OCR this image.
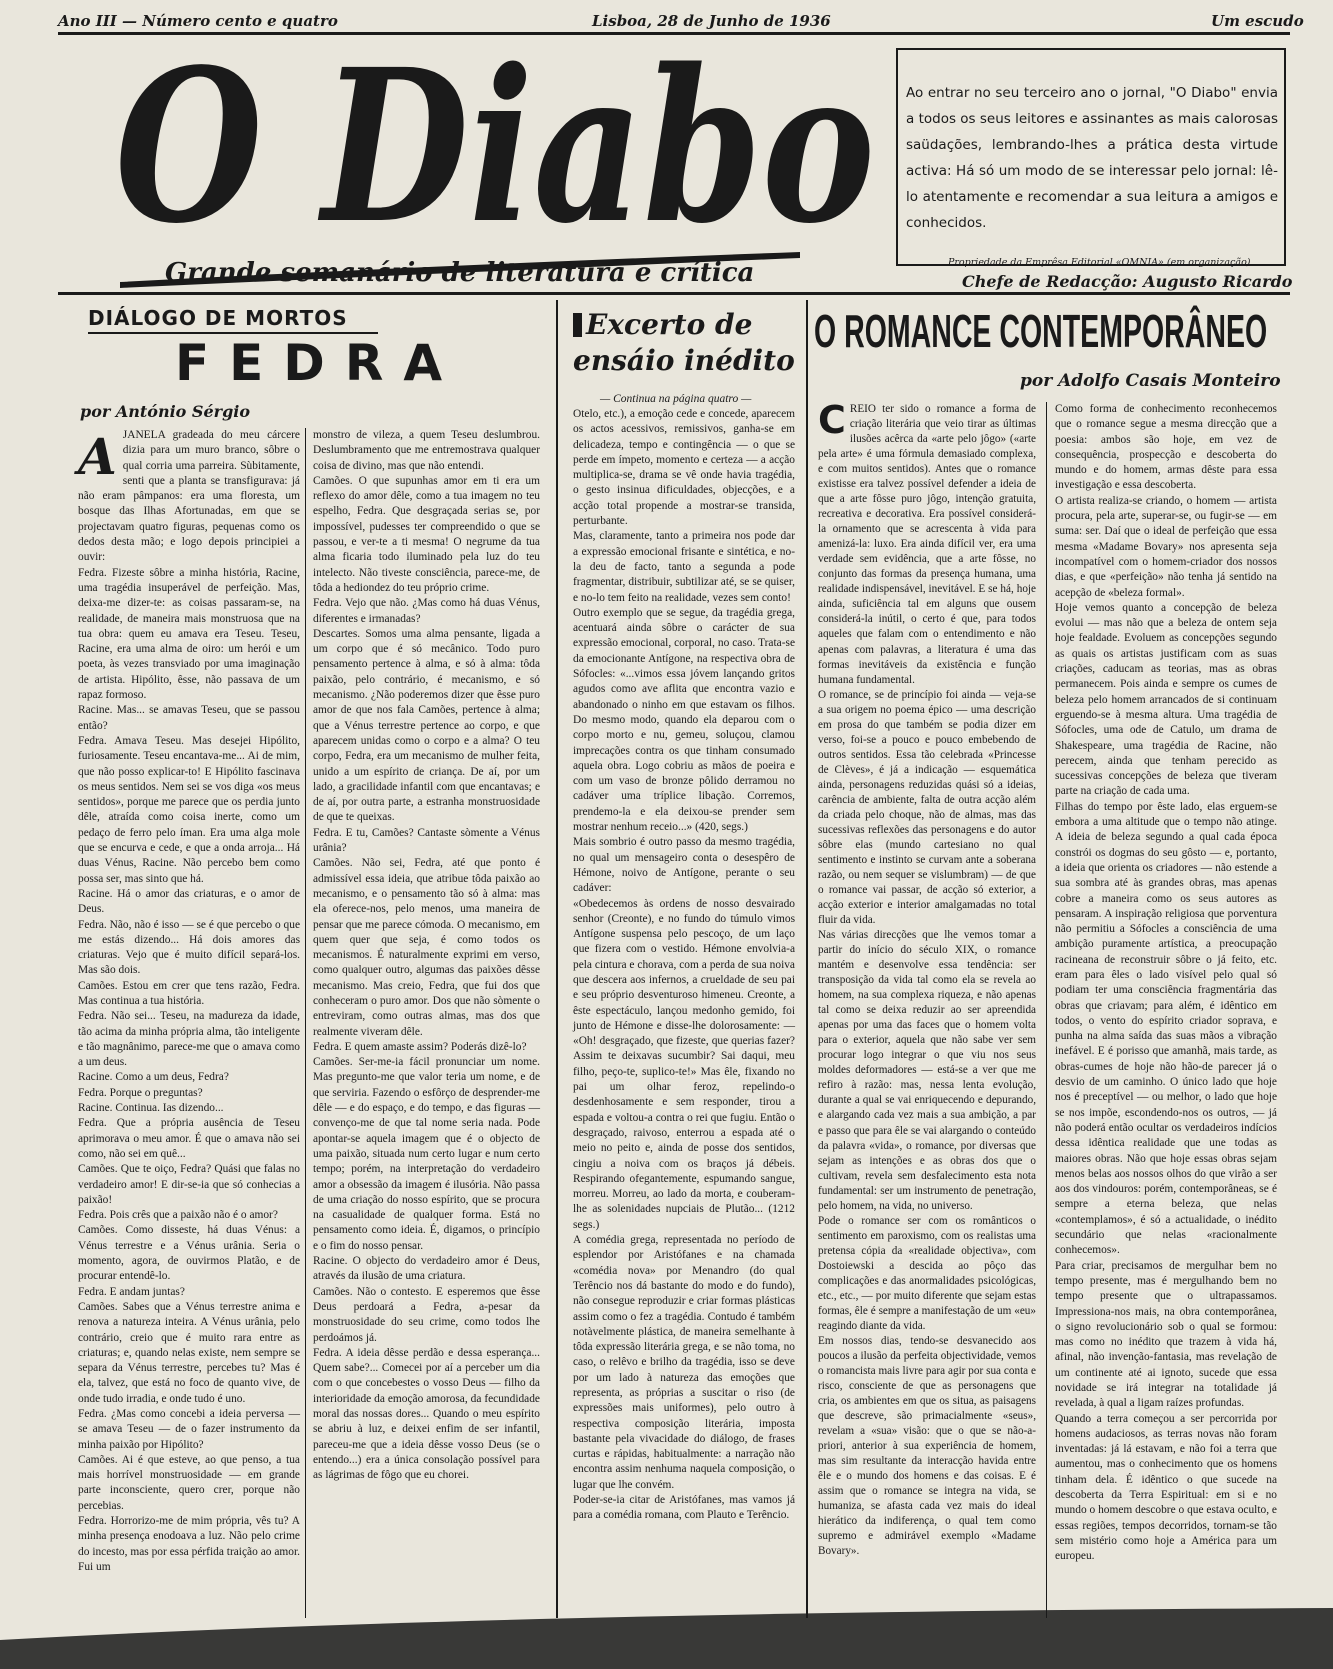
Ano III — Número cento e quatro	Lisboa, 28 de Junho de 1936	Um escudo
O Diabo
Grande semanário de literatura e crítica
Ao entrar no seu terceiro ano o jornal, "O Diabo" envia a todos os seus leitores e assinantes as mais calorosas saüdações, lembrando-lhes a prática desta virtude activa: Há só um modo de se interessar pelo jornal: lê-lo atentamente e recomendar a sua leitura a amigos e conhecidos.
Propriedade da Emprêsa Editorial «OMNIA» (em organização)
Chefe de Redacção: Augusto Ricardo
DIÁLOGO DE MORTOS
FEDRA
por António Sérgio
A JANELA gradeada do meu cárcere dizia para um muro branco, sôbre o qual corria uma parreira. Sùbitamente, senti que a planta se transfigurava: já não eram pâmpanos: era uma floresta, um bosque das Ilhas Afortunadas, em que se projectavam quatro figuras, pequenas como os dedos desta mão; e logo depois principiei a ouvir:

Fedra. Fizeste sôbre a minha história, Racine, uma tragédia insuperável de perfeição. Mas, deixa-me dizer-te: as coisas passaram-se, na realidade, de maneira mais monstruosa que na tua obra: quem eu amava era Teseu. Teseu, Racine, era uma alma de oiro: um herói e um poeta, às vezes transviado por uma imaginação de artista. Hipólito, êsse, não passava de um rapaz formoso.

Racine. Mas... se amavas Teseu, que se passou então?

Fedra. Amava Teseu. Mas desejei Hipólito, furiosamente. Teseu encantava-me... Ai de mim, que não posso explicar-to! E Hipólito fascinava os meus sentidos. Nem sei se vos diga «os meus sentidos», porque me parece que os perdia junto dêle, atraída como coisa inerte, como um pedaço de ferro pelo íman. Era uma alga mole que se encurva e cede, e que a onda arroja... Há duas Vénus, Racine. Não percebo bem como possa ser, mas sinto que há.

Racine. Há o amor das criaturas, e o amor de Deus.

Fedra. Não, não é isso — se é que percebo o que me estás dizendo... Há dois amores das criaturas. Vejo que é muito difícil separá-los. Mas são dois.

Camões. Estou em crer que tens razão, Fedra. Mas continua a tua história.

Fedra. Não sei... Teseu, na madureza da idade, tão acima da minha própria alma, tão inteligente e tão magnânimo, parece-me que o amava como a um deus.

Racine. Como a um deus, Fedra?

Fedra. Porque o preguntas?

Racine. Continua. Ias dizendo...

Fedra. Que a própria ausência de Teseu aprimorava o meu amor. É que o amava não sei como, não sei em quê...

Camões. Que te oiço, Fedra? Quási que falas no verdadeiro amor! E dir-se-ia que só conhecias a paixão!

Fedra. Pois crês que a paixão não é o amor?

Camões. Como disseste, há duas Vénus: a Vénus terrestre e a Vénus urânia. Seria o momento, agora, de ouvirmos Platão, e de procurar entendê-lo.

Fedra. E andam juntas?

Camões. Sabes que a Vénus terrestre anima e renova a natureza inteira. A Vénus urânia, pelo contrário, creio que é muito rara entre as criaturas; e, quando nelas existe, nem sempre se separa da Vénus terrestre, percebes tu? Mas é ela, talvez, que está no foco de quanto vive, de onde tudo irradia, e onde tudo é uno.

Fedra. ¿Mas como concebi a ideia perversa — se amava Teseu — de o fazer instrumento da minha paixão por Hipólito?

Camões. Ai é que esteve, ao que penso, a tua mais horrível monstruosidade — em grande parte inconsciente, quero crer, porque não percebias.

Fedra. Horrorizo-me de mim própria, vês tu? A minha presença enodoava a luz. Não pelo crime do incesto, mas por essa pérfida traição ao amor. Fui um

monstro de vileza, a quem Teseu deslumbrou. Deslumbramento que me entremostrava qualquer coisa de divino, mas que não entendi.

Camões. O que supunhas amor em ti era um reflexo do amor dêle, como a tua imagem no teu espelho, Fedra. Que desgraçada serias se, por impossível, pudesses ter compreendido o que se passou, e ver-te a ti mesma! O negrume da tua alma ficaria todo iluminado pela luz do teu intelecto. Não tiveste consciência, parece-me, de tôda a hediondez do teu próprio crime.

Fedra. Vejo que não. ¿Mas como há duas Vénus, diferentes e irmanadas?

Descartes. Somos uma alma pensante, ligada a um corpo que é só mecânico. Todo puro pensamento pertence à alma, e só à alma: tôda paixão, pelo contrário, é mecanismo, e só mecanismo. ¿Não poderemos dizer que êsse puro amor de que nos fala Camões, pertence à alma; que a Vénus terrestre pertence ao corpo, e que aparecem unidas como o corpo e a alma? O teu corpo, Fedra, era um mecanismo de mulher feita, unido a um espírito de criança. De aí, por um lado, a gracilidade infantil com que encantavas; e de aí, por outra parte, a estranha monstruosidade de que te queixas.

Fedra. E tu, Camões? Cantaste sòmente a Vénus urânia?

Camões. Não sei, Fedra, até que ponto é admissível essa ideia, que atribue tôda paixão ao mecanismo, e o pensamento tão só à alma: mas ela oferece-nos, pelo menos, uma maneira de pensar que me parece cómoda. O mecanismo, em quem quer que seja, é como todos os mecanismos. É naturalmente exprimi em verso, como qualquer outro, algumas das paixões dêsse mecanismo. Mas creio, Fedra, que fui dos que conheceram o puro amor. Dos que não sòmente o entreviram, como outras almas, mas dos que realmente viveram dêle.

Fedra. E quem amaste assim? Poderás dizê-lo?

Camões. Ser-me-ia fácil pronunciar um nome. Mas pregunto-me que valor teria um nome, e de que serviria. Fazendo o esfôrço de desprender-me dêle — e do espaço, e do tempo, e das figuras — convenço-me de que tal nome seria nada. Pode apontar-se aquela imagem que é o objecto de uma paixão, situada num certo lugar e num certo tempo; porém, na interpretação do verdadeiro amor a obsessão da imagem é ilusória. Não passa de uma criação do nosso espírito, que se procura na casualidade de qualquer forma. Está no pensamento como ideia. É, digamos, o princípio e o fim do nosso pensar.

Racine. O objecto do verdadeiro amor é Deus, através da ilusão de uma criatura.

Camões. Não o contesto. E esperemos que êsse Deus perdoará a Fedra, a-pesar da monstruosidade do seu crime, como todos lhe perdoámos já.

Fedra. A ideia dêsse perdão e dessa esperança... Quem sabe?... Comecei por aí a perceber um dia com o que concebestes o vosso Deus — filho da interioridade da emoção amorosa, da fecundidade moral das nossas dores... Quando o meu espírito se abriu à luz, e deixei enfim de ser infantil, pareceu-me que a ideia dêsse vosso Deus (se o entendo...) era a única consolação possível para as lágrimas de fôgo que eu chorei.

Excerto de ensáio inédito
— Continua na página quatro —

Otelo, etc.), a emoção cede e concede, aparecem os actos acessivos, remissivos, ganha-se em delicadeza, tempo e contingência — o que se perde em ímpeto, momento e certeza — a acção multiplica-se, drama se vê onde havia tragédia, o gesto insinua dificuldades, objecções, e a acção total propende a mostrar-se transida, perturbante.

Mas, claramente, tanto a primeira nos pode dar a expressão emocional frisante e sintética, e no-la deu de facto, tanto a segunda a pode fragmentar, distribuir, subtilizar até, se se quiser, e no-lo tem feito na realidade, vezes sem conto!

Outro exemplo que se segue, da tragédia grega, acentuará ainda sôbre o carácter de sua expressão emocional, corporal, no caso. Trata-se da emocionante Antígone, na respectiva obra de Sófocles: «...vimos essa jóvem lançando gritos agudos como ave aflita que encontra vazio e abandonado o ninho em que estavam os filhos. Do mesmo modo, quando ela deparou com o corpo morto e nu, gemeu, soluçou, clamou imprecações contra os que tinham consumado aquela obra. Logo cobriu as mãos de poeira e com um vaso de bronze pôlido derramou no cadáver uma tríplice libação. Corremos, prendemo-la e ela deixou-se prender sem mostrar nenhum receio...» (420, segs.)

Mais sombrio é outro passo da mesmo tragédia, no qual um mensageiro conta o desespêro de Hémone, noivo de Antígone, perante o seu cadáver:

«Obedecemos às ordens de nosso desvairado senhor (Creonte), e no fundo do túmulo vimos Antígone suspensa pelo pescoço, de um laço que fizera com o vestido. Hémone envolvia-a pela cintura e chorava, com a perda de sua noiva que descera aos infernos, a crueldade de seu pai e seu próprio desventuroso himeneu. Creonte, a êste espectáculo, lançou medonho gemido, foi junto de Hémone e disse-lhe dolorosamente: — «Oh! desgraçado, que fizeste, que querias fazer? Assim te deixavas sucumbir? Sai daqui, meu filho, peço-te, suplico-te!» Mas êle, fixando no pai um olhar feroz, repelindo-o desdenhosamente e sem responder, tirou a espada e voltou-a contra o rei que fugiu. Então o desgraçado, raivoso, enterrou a espada até o meio no peito e, ainda de posse dos sentidos, cingiu a noiva com os braços já débeis. Respirando ofegantemente, espumando sangue, morreu. Morreu, ao lado da morta, e couberam-lhe as solenidades nupciais de Plutão... (1212 segs.)

A comédia grega, representada no período de esplendor por Aristófanes e na chamada «comédia nova» por Menandro (do qual Terêncio nos dá bastante do modo e do fundo), não consegue reproduzir e criar formas plásticas assim como o fez a tragédia. Contudo é também notàvelmente plástica, de maneira semelhante à tôda expressão literária grega, e se não toma, no caso, o relêvo e brilho da tragédia, isso se deve por um lado à natureza das emoções que representa, as próprias a suscitar o riso (de expressões mais uniformes), pelo outro à respectiva composição literária, imposta bastante pela vivacidade do diálogo, de frases curtas e rápidas, habitualmente: a narração não encontra assim nenhuma naquela composição, o lugar que lhe convém.

Poder-se-ia citar de Aristófanes, mas vamos já para a comédia romana, com Plauto e Terêncio.

O ROMANCE CONTEMPORÂNEO
por Adolfo Casais Monteiro
C REIO ter sido o romance a forma de criação literária que veio tirar as últimas ilusões acêrca da «arte pelo jôgo» («arte pela arte» é uma fórmula demasiado complexa, e com muitos sentidos). Antes que o romance existisse era talvez possível defender a ideia de que a arte fôsse puro jôgo, intenção gratuita, recreativa e decorativa. Era possível considerá-la ornamento que se acrescenta à vida para amenizá-la: luxo. Era ainda difícil ver, era uma verdade sem evidência, que a arte fôsse, no conjunto das formas da presença humana, uma realidade indispensável, inevitável. E se há, hoje ainda, suficiência tal em alguns que ousem considerá-la inútil, o certo é que, para todos aqueles que falam com o entendimento e não apenas com palavras, a literatura é uma das formas inevitáveis da existência e função humana fundamental.

O romance, se de princípio foi ainda — veja-se a sua origem no poema épico — uma descrição em prosa do que também se podia dizer em verso, foi-se a pouco e pouco embebendo de outros sentidos. Essa tão celebrada «Princesse de Clèves», é já a indicação — esquemática ainda, personagens reduzidas quási só a ideias, carência de ambiente, falta de outra acção além da criada pelo choque, não de almas, mas das sucessivas reflexões das personagens e do autor sôbre elas (mundo cartesiano no qual sentimento e instinto se curvam ante a soberana razão, ou nem sequer se vislumbram) — de que o romance vai passar, de acção só exterior, a acção exterior e interior amalgamadas no total fluir da vida.

Nas várias direcções que lhe vemos tomar a partir do início do século XIX, o romance mantém e desenvolve essa tendência: ser transposição da vida tal como ela se revela ao homem, na sua complexa riqueza, e não apenas tal como se deixa reduzir ao ser apreendida apenas por uma das faces que o homem volta para o exterior, aquela que não sabe ver sem procurar logo integrar o que viu nos seus moldes deformadores — está-se a ver que me refiro à razão: mas, nessa lenta evolução, durante a qual se vai enriquecendo e depurando, e alargando cada vez mais a sua ambição, a par e passo que para êle se vai alargando o conteúdo da palavra «vida», o romance, por diversas que sejam as intenções e as obras dos que o cultivam, revela sem desfalecimento esta nota fundamental: ser um instrumento de penetração, pelo homem, na vida, no universo.

Pode o romance ser com os românticos o sentimento em paroxismo, com os realistas uma pretensa cópia da «realidade objectiva», com Dostoiewski a descida ao pôço das complicações e das anormalidades psicológicas, etc., etc., — por muito diferente que sejam estas formas, êle é sempre a manifestação de um «eu» reagindo diante da vida.

Em nossos dias, tendo-se desvanecido aos poucos a ilusão da perfeita objectividade, vemos o romancista mais livre para agir por sua conta e risco, consciente de que as personagens que cria, os ambientes em que os situa, as paisagens que descreve, são primacialmente «seus», revelam a «sua» visão: que o que se não-a-priori, anterior à sua experiência de homem, mas sim resultante da interacção havida entre êle e o mundo dos homens e das coisas. E é assim que o romance se integra na vida, se humaniza, se afasta cada vez mais do ideal hierático da indiferença, o qual tem como supremo e admirável exemplo «Madame Bovary».

Como forma de conhecimento reconhecemos que o romance segue a mesma direcção que a poesia: ambos são hoje, em vez de consequência, prospecção e descoberta do mundo e do homem, armas dêste para essa investigação e essa descoberta.

O artista realiza-se criando, o homem — artista procura, pela arte, superar-se, ou fugir-se — em suma: ser. Daí que o ideal de perfeição que essa mesma «Madame Bovary» nos apresenta seja incompatível com o homem-criador dos nossos dias, e que «perfeição» não tenha já sentido na acepção de «beleza formal».

Hoje vemos quanto a concepção de beleza evolui — mas não que a beleza de ontem seja hoje fealdade. Evoluem as concepções segundo as quais os artistas justificam com as suas criações, caducam as teorias, mas as obras permanecem. Pois ainda e sempre os cumes de beleza pelo homem arrancados de si continuam erguendo-se à mesma altura. Uma tragédia de Sófocles, uma ode de Catulo, um drama de Shakespeare, uma tragédia de Racine, não perecem, ainda que tenham perecido as sucessivas concepções de beleza que tiveram parte na criação de cada uma.

Filhas do tempo por êste lado, elas erguem-se embora a uma altitude que o tempo não atinge. A ideia de beleza segundo a qual cada época constrói os dogmas do seu gôsto — e, portanto, a ideia que orienta os criadores — não estende a sua sombra até às grandes obras, mas apenas cobre a maneira como os seus autores as pensaram. A inspiração religiosa que porventura não permitiu a Sófocles a consciência de uma ambição puramente artística, a preocupação racineana de reconstruir sôbre o já feito, etc. eram para êles o lado visível pelo qual só podiam ter uma consciência fragmentária das obras que criavam; para além, é idêntico em todos, o vento do espírito criador soprava, e punha na alma saída das suas mãos a vibração inefável. E é porisso que amanhã, mais tarde, as obras-cumes de hoje não hão-de parecer já o desvio de um caminho. O único lado que hoje nos é preceptível — ou melhor, o lado que hoje se nos impõe, escondendo-nos os outros, — já não poderá então ocultar os verdadeiros indícios dessa idêntica realidade que une todas as maiores obras. Não que hoje essas obras sejam menos belas aos nossos olhos do que virão a ser aos dos vindouros: porém, contemporâneas, se é sempre a eterna beleza, que nelas «contemplamos», é só a actualidade, o inédito secundário que nelas «racionalmente conhecemos».

Para criar, precisamos de mergulhar bem no tempo presente, mas é mergulhando bem no tempo presente que o ultrapassamos. Impressiona-nos mais, na obra contemporânea, o signo revolucionário sob o qual se formou: mas como no inédito que trazem à vida há, afinal, não invenção-fantasia, mas revelação de um continente até ai ignoto, sucede que essa novidade se irá integrar na totalidade já revelada, à qual a ligam raízes profundas.

Quando a terra começou a ser percorrida por homens audaciosos, as terras novas não foram inventadas: já lá estavam, e não foi a terra que aumentou, mas o conhecimento que os homens tinham dela. É idêntico o que sucede na descoberta da Terra Espiritual: em si e no mundo o homem descobre o que estava oculto, e essas regiões, tempos decorridos, tornam-se tão sem mistério como hoje a América para um europeu.
